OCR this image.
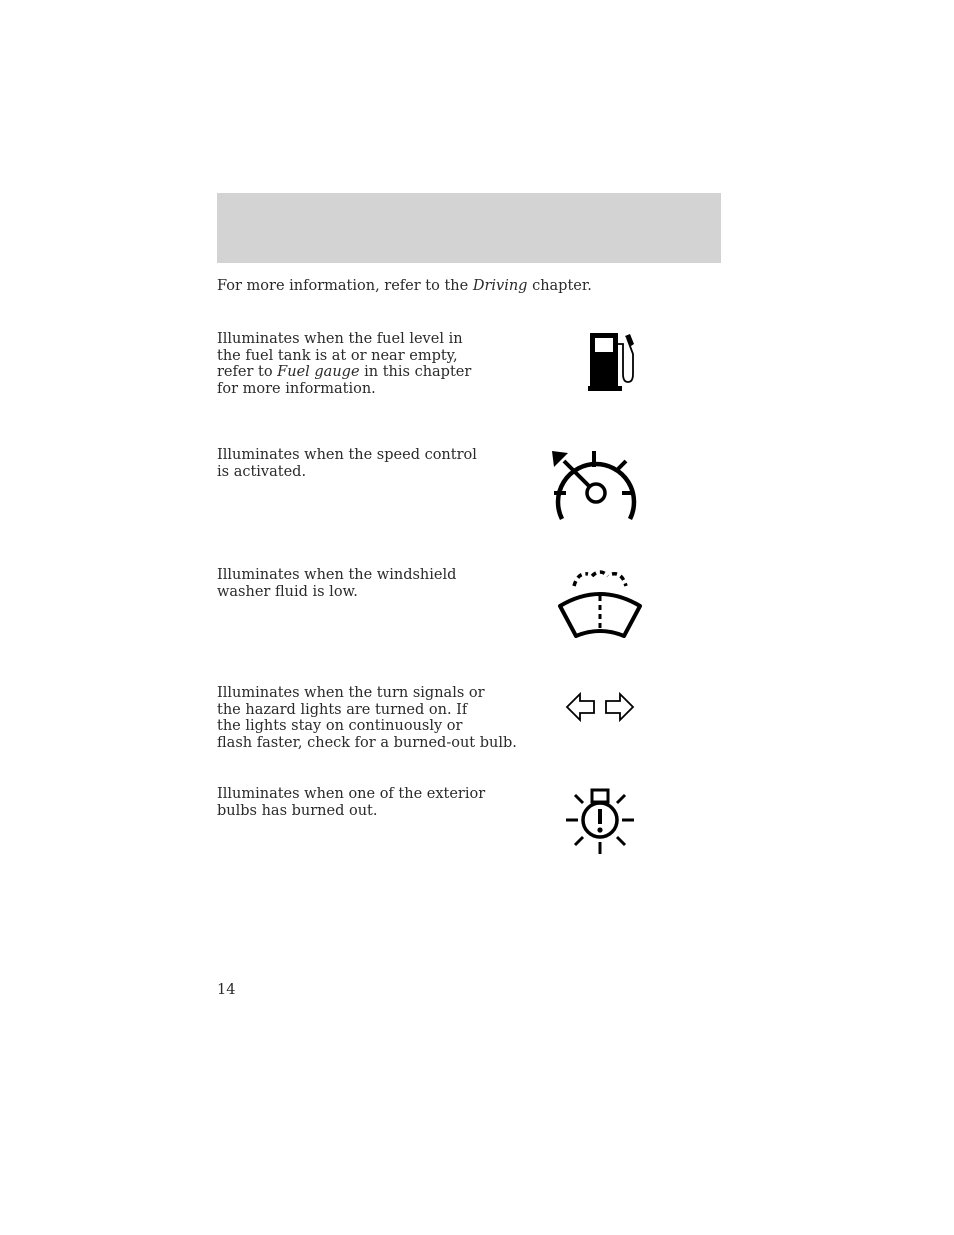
For more information, refer to the Driving chapter.
Illuminates when the fuel level in
the fuel tank is at or near empty,
refer to Fuel gauge in this chapter
for more information.
Illuminates when the speed control
is activated.
Illuminates when the windshield
washer fluid is low.
Illuminates when the turn signals or
the hazard lights are turned on. If
the lights stay on continuously or
flash faster, check for a burned-out bulb.
Illuminates when one of the exterior
bulbs has burned out.
14
